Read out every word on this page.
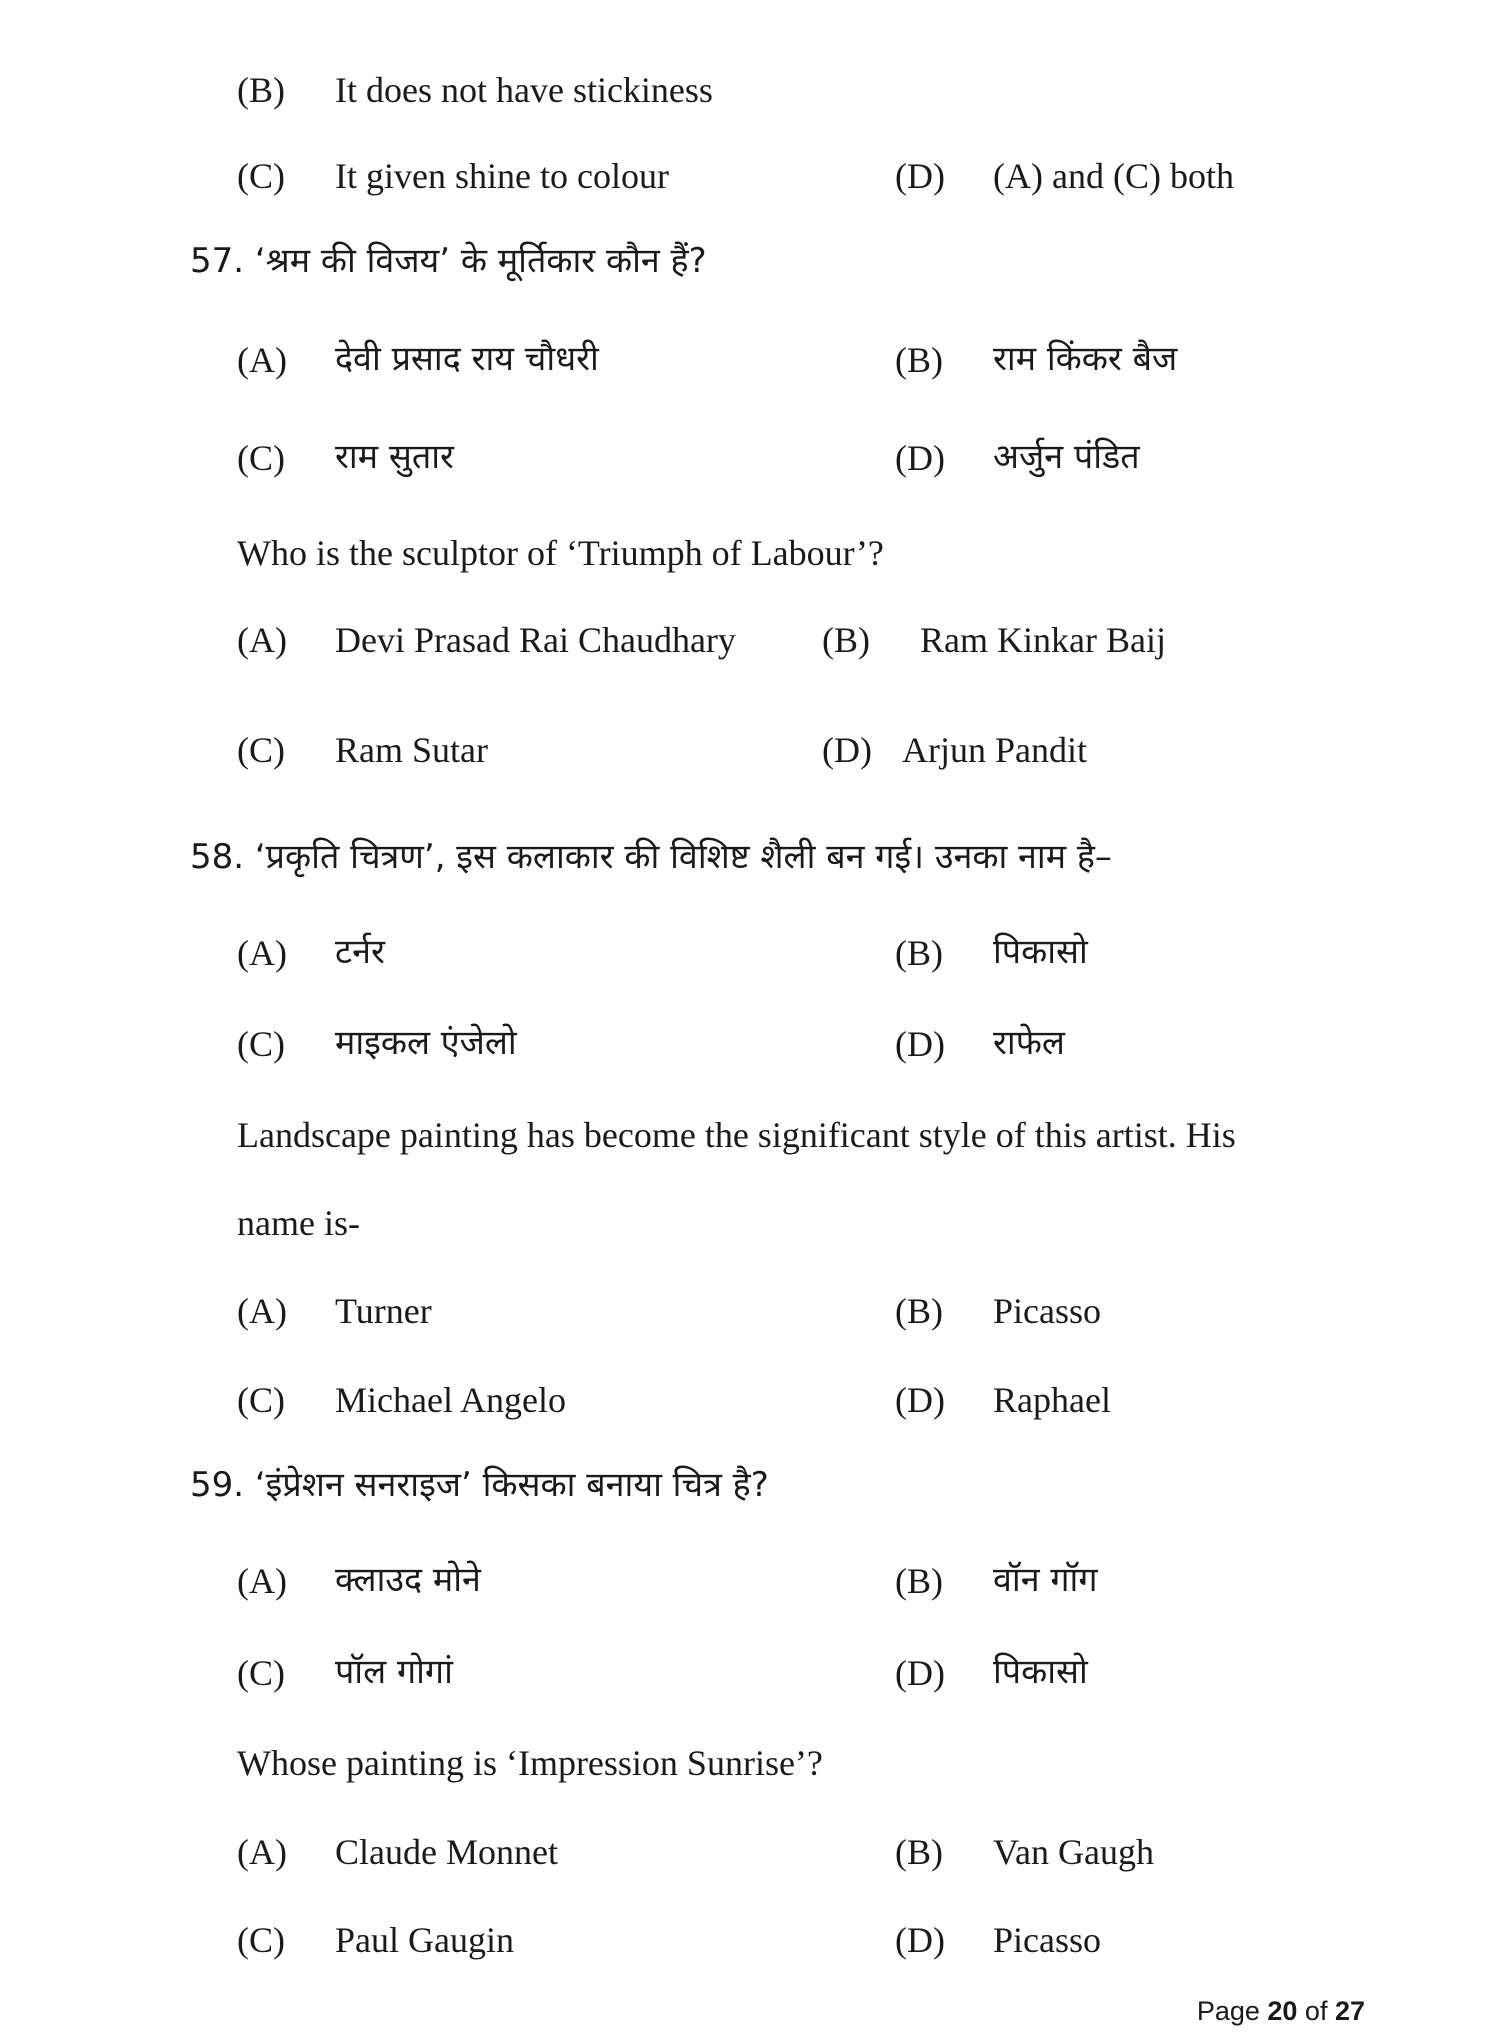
(B) It does not have stickiness
(C) It given shine to colour	(D) (A) and (C) both
57. ‘श्रम की विजय’ के मूर्तिकार कौन हैं?
(A) देवी प्रसाद राय चौधरी	(B) राम किंकर बैज
(C) राम सुतार	(D) अर्जुन पंडित
Who is the sculptor of ‘Triumph of Labour’?
(A) Devi Prasad Rai Chaudhary (B) Ram Kinkar Baij
(C) Ram Sutar	(D) Arjun Pandit
58. ‘प्रकृति चित्रण’, इस कलाकार की विशिष्ट शैली बन गई। उनका नाम है–
(A) टर्नर	(B) पिकासो
(C) माइकल एंजेलो	(D) राफेल
Landscape painting has become the significant style of this artist. His
name is-
(A) Turner	(B) Picasso
(C) Michael Angelo	(D) Raphael
59. ‘इंप्रेशन सनराइज’ किसका बनाया चित्र है?
(A) क्लाउद मोने	(B) वॉन गॉग
(C) पॉल गोगां	(D) पिकासो
Whose painting is ‘Impression Sunrise’?
(A) Claude Monnet	(B) Van Gaugh
(C) Paul Gaugin	(D) Picasso
Page 20 of 27
